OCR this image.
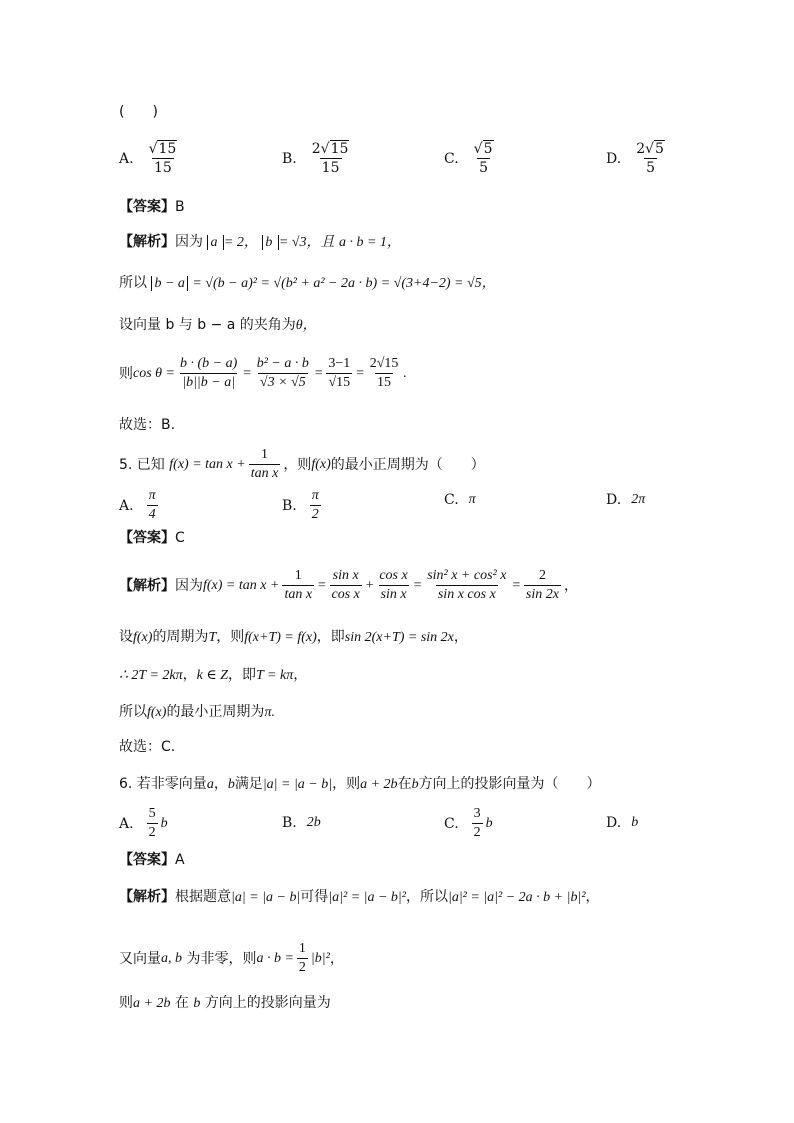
(　　)
A. $\frac{√15}{15}$	B. $\frac{2√15}{15}$	C. $\frac{√5}{5}$	D. $\frac{2√5}{5}$
【答案】B
【解析】因为 a = 2， b = √3，且 a · b = 1，
所以 b − a = √(b − a)² = √(b² + a² − 2a · b) = √(3+4−2) = √5，
设向量 b 与 b − a 的夹角为θ，
则 $\cos \theta = \frac{b \cdot (b - a)}{|b||b - a|} = \frac{\text{b² − a · b}}{√3 \times √5} = \frac{3-1}{√15} = \frac{2√15}{15}$ .
故选：B.
5. 已知
$f(x) = \tan x + \frac{1}{\text{tan x}}$ ，则 f(x) 的最小正周期为（　　）
A. $\frac{\pi}{4}$	B. $\frac{\pi}{2}$	C. π	D. 2π
【答案】C
【解析】 因为 $f(x) = \tan x + \frac{1}{\text{tan x}} = \frac{\text{sin x}}{\text{cos x}} + \frac{\text{cos x}}{\text{sin x}} = \frac{\text{sin² x + cos² x}}{\text{sin x cos x}} = \frac{2}{\sin 2x}$ ，
设f(x)的周期为T，则f(x+T) = f(x)，即sin 2(x+T) = sin 2x，
∴ 2T = 2kπ，k ∈ Z，即T = kπ，
所以f(x)的最小正周期为π.
故选：C.
6. 若非零向量a，b满足|a| = |a − b|，则a + 2b在b方向上的投影向量为（　　）
A. $\frac{5}{2}$ b	B. 2b	C. $\frac{3}{2}$ b	D. b
【答案】A
【解析】根据题意|a| = |a − b|可得|a|² = |a − b|²，所以|a|² = |a|² − 2a · b + |b|²，
又向量 a, b
为非零，则 $a \cdot b = \frac{1}{2} |b|^2$ ，
则a + 2b 在 b 方向上的投影向量为
